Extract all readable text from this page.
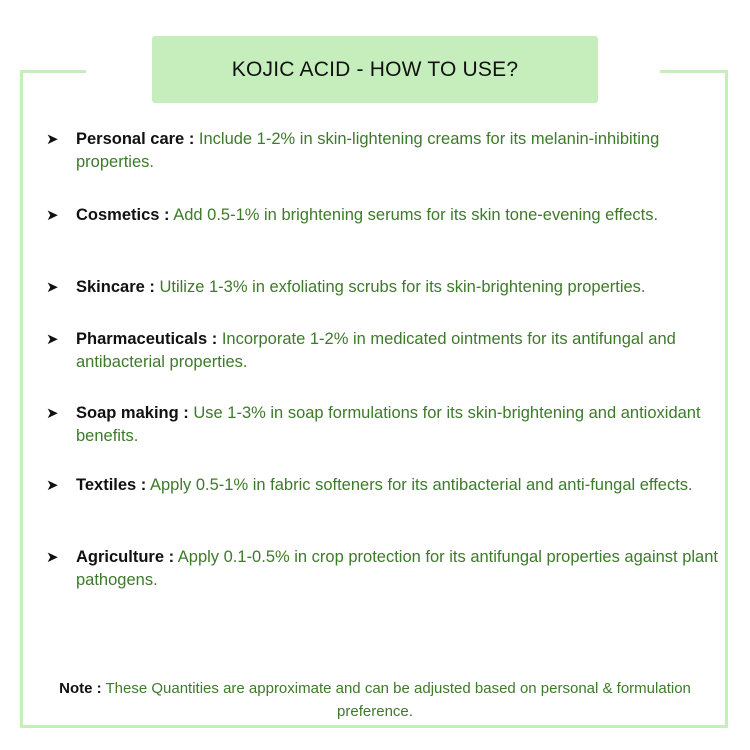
KOJIC ACID - HOW TO USE?
Note : These Quantities are approximate and can be adjusted based on personal & formulation preference.
➤	Personal care : Include 1-2% in skin-lightening creams for its melanin-inhibiting properties.
➤	Cosmetics : Add 0.5-1% in brightening serums for its skin tone-evening effects.
➤	Skincare : Utilize 1-3% in exfoliating scrubs for its skin-brightening properties.
➤	Pharmaceuticals : Incorporate 1-2% in medicated ointments for its antifungal and antibacterial properties.
➤	Soap making : Use 1-3% in soap formulations for its skin-brightening and antioxidant benefits.
➤	Textiles : Apply 0.5-1% in fabric softeners for its antibacterial and anti-fungal effects.
➤	Agriculture : Apply 0.1-0.5% in crop protection for its antifungal properties against plant pathogens.
